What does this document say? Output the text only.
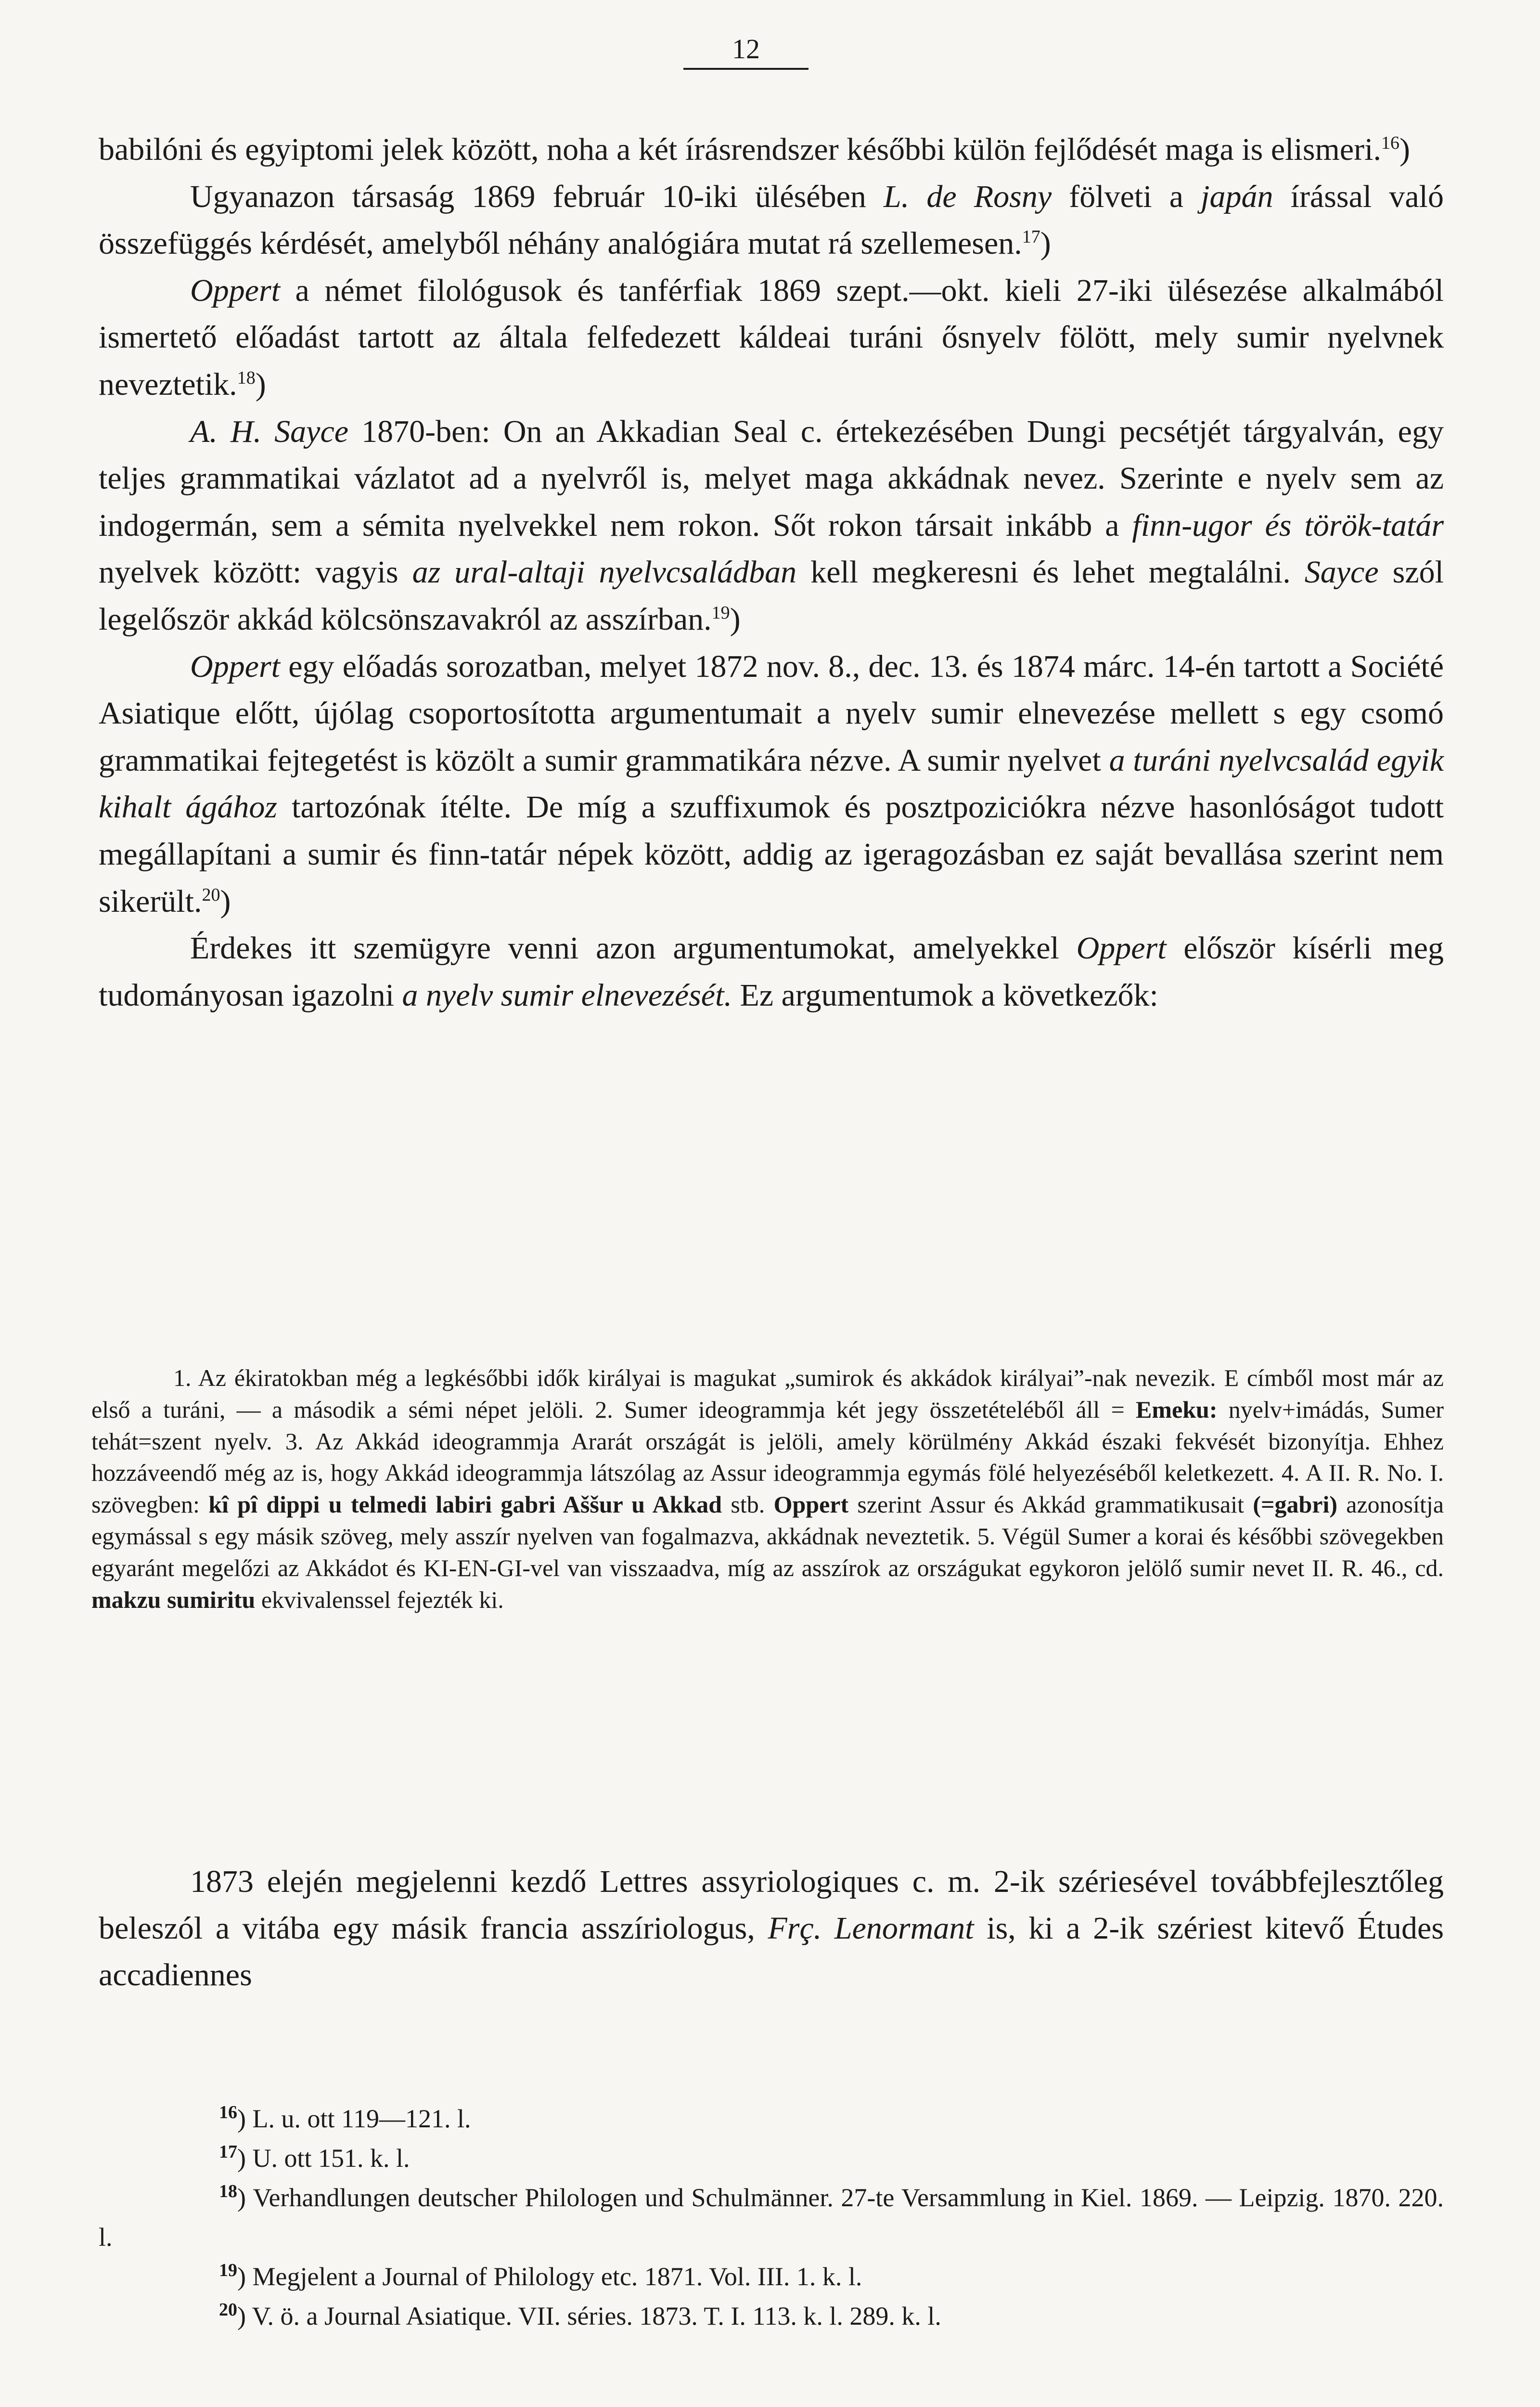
12

babilóni és egyiptomi jelek között, noha a két írásrendszer későbbi külön fejlődését maga is elismeri.$^{16}$)

Ugyanazon társaság 1869 február 10-iki ülésében L. de Rosny fölveti a japán írással való összefüggés kérdését, amelyből néhány analógiára mutat rá szellemesen.$^{17}$)

Oppert a német filológusok és tanférfiak 1869 szept.—okt. kieli 27-iki ülésezése alkalmából ismertető előadást tartott az általa felfedezett káldeai turáni ősnyelv fölött, mely sumir nyelvnek neveztetik.$^{18}$)

A. H. Sayce 1870-ben: On an Akkadian Seal c. értekezésében Dungi pecsétjét tárgyalván, egy teljes grammatikai vázlatot ad a nyelvről is, melyet maga akkádnak nevez. Szerinte e nyelv sem az indogermán, sem a sémita nyelvekkel nem rokon. Sőt rokon társait inkább a finn-ugor és török-tatár nyelvek között: vagyis az ural-altaji nyelvcsaládban kell megkeresni és lehet megtalálni. Sayce szól legelőször akkád kölcsönszavakról az asszírban.$^{19}$)

Oppert egy előadás sorozatban, melyet 1872 nov. 8., dec. 13. és 1874 márc. 14-én tartott a Société Asiatique előtt, újólag csoportosította argumentumait a nyelv sumir elnevezése mellett s egy csomó grammatikai fejtegetést is közölt a sumir grammatikára nézve. A sumir nyelvet a turáni nyelvcsalád egyik kihalt ágához tartozónak ítélte. De míg a szuffixumok és posztpoziciókra nézve hasonlóságot tudott megállapítani a sumir és finn-tatár népek között, addig az igeragozásban ez saját bevallása szerint nem sikerült.$^{20}$)

Érdekes itt szemügyre venni azon argumentumokat, amelyekkel Oppert először kísérli meg tudományosan igazolni a nyelv sumir elnevezését. Ez argumentumok a következők:

1. Az ékiratokban még a legkésőbbi idők királyai is magukat „sumirok és akkádok királyai”-nak nevezik. E címből most már az első a turáni, — a második a sémi népet jelöli. 2. Sumer ideogrammja két jegy összetételéből áll = Emeku: nyelv+imádás, Sumer tehát=szent nyelv. 3. Az Akkád ideogrammja Ararát országát is jelöli, amely körülmény Akkád északi fekvését bizonyítja. Ehhez hozzáveendő még az is, hogy Akkád ideogrammja látszólag az Assur ideogrammja egymás fölé helyezéséből keletkezett. 4. A II. R. No. I. szövegben: kî pî dippi u telmedi labiri gabri Aššur u Akkad stb. Oppert szerint Assur és Akkád grammatikusait (=gabri) azonosítja egymással s egy másik szöveg, mely asszír nyelven van fogalmazva, akkádnak neveztetik. 5. Végül Sumer a korai és későbbi szövegekben egyaránt megelőzi az Akkádot és KI-EN-GI-vel van visszaadva, míg az asszírok az országukat egykoron jelölő sumir nevet II. R. 46., cd. makzu sumiritu ekvivalenssel fejezték ki.

1873 elején megjelenni kezdő Lettres assyriologiques c. m. 2-ik szériesével továbbfejlesztőleg beleszól a vitába egy másik francia asszíriologus, Frç. Lenormant is, ki a 2-ik szériest kitevő Études accadiennes

$^{16}$) L. u. ott 119—121. l.

$^{17}$) U. ott 151. k. l.

$^{18}$) Verhandlungen deutscher Philologen und Schulmänner. 27-te Versammlung in Kiel. 1869. — Leipzig. 1870. 220. l.

$^{19}$) Megjelent a Journal of Philology etc. 1871. Vol. III. 1. k. l.

$^{20}$) V. ö. a Journal Asiatique. VII. séries. 1873. T. I. 113. k. l. 289. k. l.
